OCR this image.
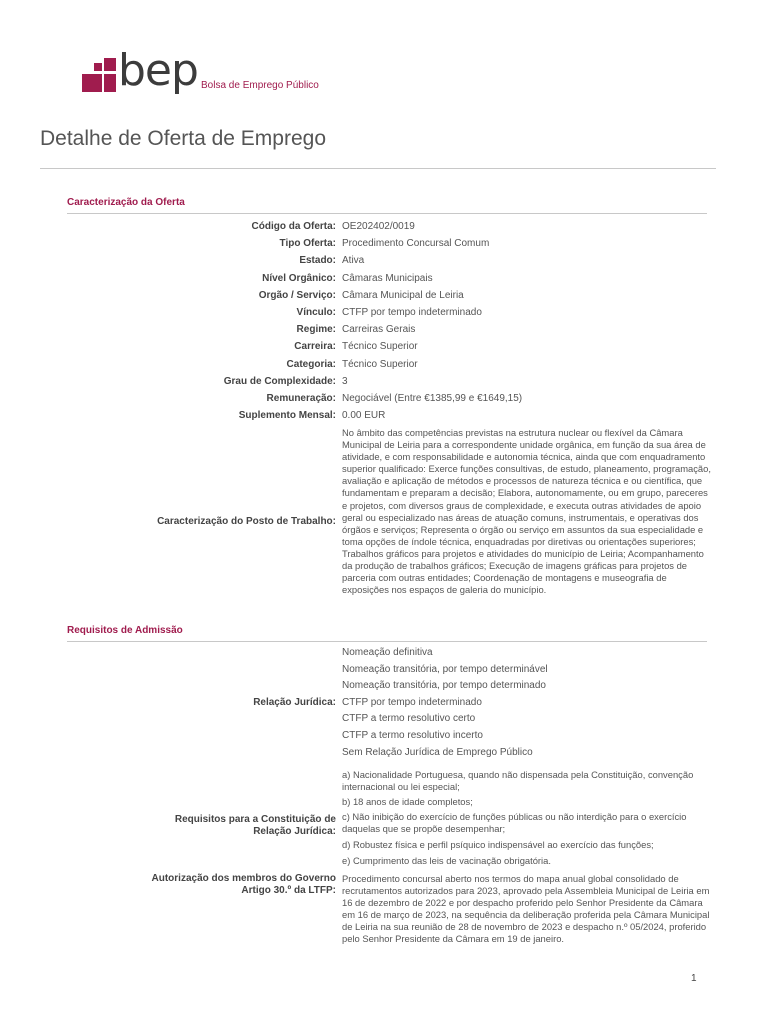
bep Bolsa de Emprego Público
Detalhe de Oferta de Emprego
Caracterização da Oferta
Código da Oferta: OE202402/0019
Tipo Oferta: Procedimento Concursal Comum
Estado: Ativa
Nível Orgânico: Câmaras Municipais
Orgão / Serviço: Câmara Municipal de Leiria
Vínculo: CTFP por tempo indeterminado
Regime: Carreiras Gerais
Carreira: Técnico Superior
Categoria: Técnico Superior
Grau de Complexidade: 3
Remuneração: Negociável (Entre €1385,99 e €1649,15)
Suplemento Mensal: 0.00 EUR
Caracterização do Posto de Trabalho:
No âmbito das competências previstas na estrutura nuclear ou flexível da Câmara Municipal de Leiria para a correspondente unidade orgânica, em função da sua área de atividade, e com responsabilidade e autonomia técnica, ainda que com enquadramento superior qualificado: Exerce funções consultivas, de estudo, planeamento, programação, avaliação e aplicação de métodos e processos de natureza técnica e ou científica, que fundamentam e preparam a decisão; Elabora, autonomamente, ou em grupo, pareceres e projetos, com diversos graus de complexidade, e executa outras atividades de apoio geral ou especializado nas áreas de atuação comuns, instrumentais, e operativas dos órgãos e serviços; Representa o órgão ou serviço em assuntos da sua especialidade e toma opções de índole técnica, enquadradas por diretivas ou orientações superiores; Trabalhos gráficos para projetos e atividades do município de Leiria; Acompanhamento da produção de trabalhos gráficos; Execução de imagens gráficas para projetos de parceria com outras entidades; Coordenação de montagens e museografia de exposições nos espaços de galeria do município.
Requisitos de Admissão
Relação Jurídica:
Nomeação definitiva
Nomeação transitória, por tempo determinável
Nomeação transitória, por tempo determinado
CTFP por tempo indeterminado
CTFP a termo resolutivo certo
CTFP a termo resolutivo incerto
Sem Relação Jurídica de Emprego Público
Requisitos para a Constituição de
Relação Jurídica:
a) Nacionalidade Portuguesa, quando não dispensada pela Constituição, convenção internacional ou lei especial;
b) 18 anos de idade completos;
c) Não inibição do exercício de funções públicas ou não interdição para o exercício daquelas que se propõe desempenhar;
d) Robustez física e perfil psíquico indispensável ao exercício das funções;
e) Cumprimento das leis de vacinação obrigatória.
Autorização dos membros do Governo
Artigo 30.º da LTFP:
Procedimento concursal aberto nos termos do mapa anual global consolidado de recrutamentos autorizados para 2023, aprovado pela Assembleia Municipal de Leiria em 16 de dezembro de 2022 e por despacho proferido pelo Senhor Presidente da Câmara em 16 de março de 2023, na sequência da deliberação proferida pela Câmara Municipal de Leiria na sua reunião de 28 de novembro de 2023 e despacho n.º 05/2024, proferido pelo Senhor Presidente da Câmara em 19 de janeiro.
1
